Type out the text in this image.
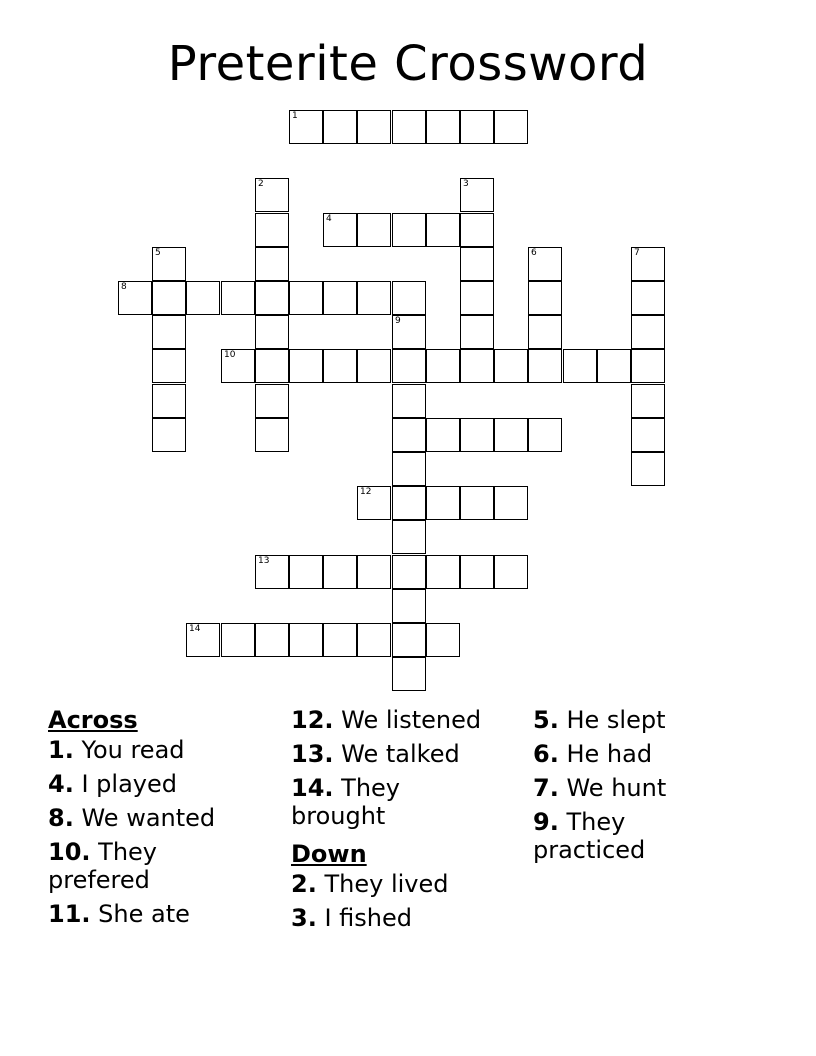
Preterite Crossword
1
2	3
4
5	6	7
8
9
10
12
13
14
Across
1. You read
4. I played
8. We wanted
10. They prefered
11. She ate
12. We listened
13. We talked
14. They brought
Down
2. They lived
3. I fished
5. He slept
6. He had
7. We hunt
9. They practiced
